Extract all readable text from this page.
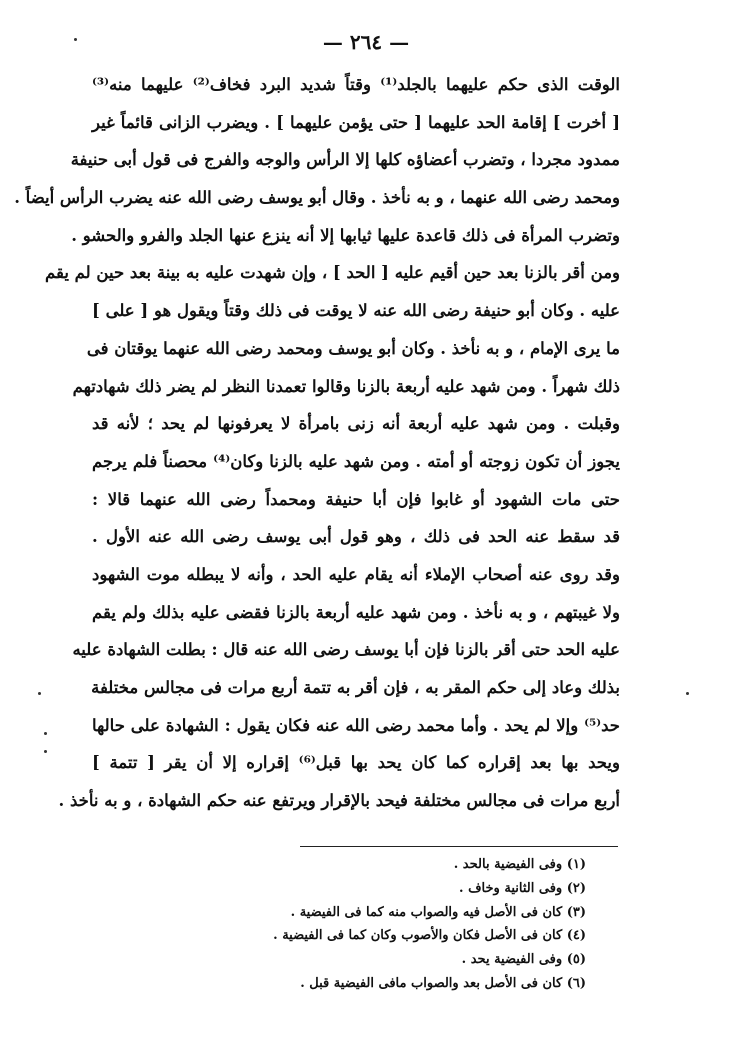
— ٢٦٤ —
الوقت الذى حكم عليهما بالجلد⁽¹⁾ وقتاً شديد البرد فخاف⁽²⁾ عليهما منه⁽³⁾
[ أخرت ] إقامة الحد عليهما [ حتى يؤمن عليهما ] . ويضرب الزانى قائماً غير
ممدود مجردا ، وتضرب أعضاؤه كلها إلا الرأس والوجه والفرج فى قول أبى حنيفة
ومحمد رضى الله عنهما ، و به نأخذ . وقال أبو يوسف رضى الله عنه يضرب الرأس أيضاً .
وتضرب المرأة فى ذلك قاعدة عليها ثيابها إلا أنه ينزع عنها الجلد والفرو والحشو .
ومن أقر بالزنا بعد حين أقيم عليه [ الحد ] ، وإن شهدت عليه به بينة بعد حين لم يقم
عليه . وكان أبو حنيفة رضى الله عنه لا يوقت فى ذلك وقتاً ويقول هو [ على ]
ما يرى الإمام ، و به نأخذ . وكان أبو يوسف ومحمد رضى الله عنهما يوقتان فى
ذلك شهراً . ومن شهد عليه أربعة بالزنا وقالوا تعمدنا النظر لم يضر ذلك شهادتهم
وقبلت . ومن شهد عليه أربعة أنه زنى بامرأة لا يعرفونها لم يحد ؛ لأنه قد
يجوز أن تكون زوجته أو أمته . ومن شهد عليه بالزنا وكان⁽⁴⁾ محصناً فلم يرجم
حتى مات الشهود أو غابوا فإن أبا حنيفة ومحمداً رضى الله عنهما قالا :
قد سقط عنه الحد فى ذلك ، وهو قول أبى يوسف رضى الله عنه الأول .
وقد روى عنه أصحاب الإملاء أنه يقام عليه الحد ، وأنه لا يبطله موت الشهود
ولا غيبتهم ، و به نأخذ . ومن شهد عليه أربعة بالزنا فقضى عليه بذلك ولم يقم
عليه الحد حتى أقر بالزنا فإن أبا يوسف رضى الله عنه قال : بطلت الشهادة عليه
بذلك وعاد إلى حكم المقر به ، فإن أقر به تتمة أربع مرات فى مجالس مختلفة
حد⁽⁵⁾ وإلا لم يحد . وأما محمد رضى الله عنه فكان يقول : الشهادة على حالها
ويحد بها بعد إقراره كما كان يحد بها قبل⁽⁶⁾ إقراره إلا أن يقر [ تتمة ]
أربع مرات فى مجالس مختلفة فيحد بالإقرار ويرتفع عنه حكم الشهادة ، و به نأخذ .
(١) وفى الفيضية بالحد .
(٢) وفى الثانية وخاف .
(٣) كان فى الأصل فيه والصواب منه كما فى الفيضية .
(٤) كان فى الأصل فكان والأصوب وكان كما فى الفيضية .
(٥) وفى الفيضية يحد .
(٦) كان فى الأصل بعد والصواب مافى الفيضية قبل .
